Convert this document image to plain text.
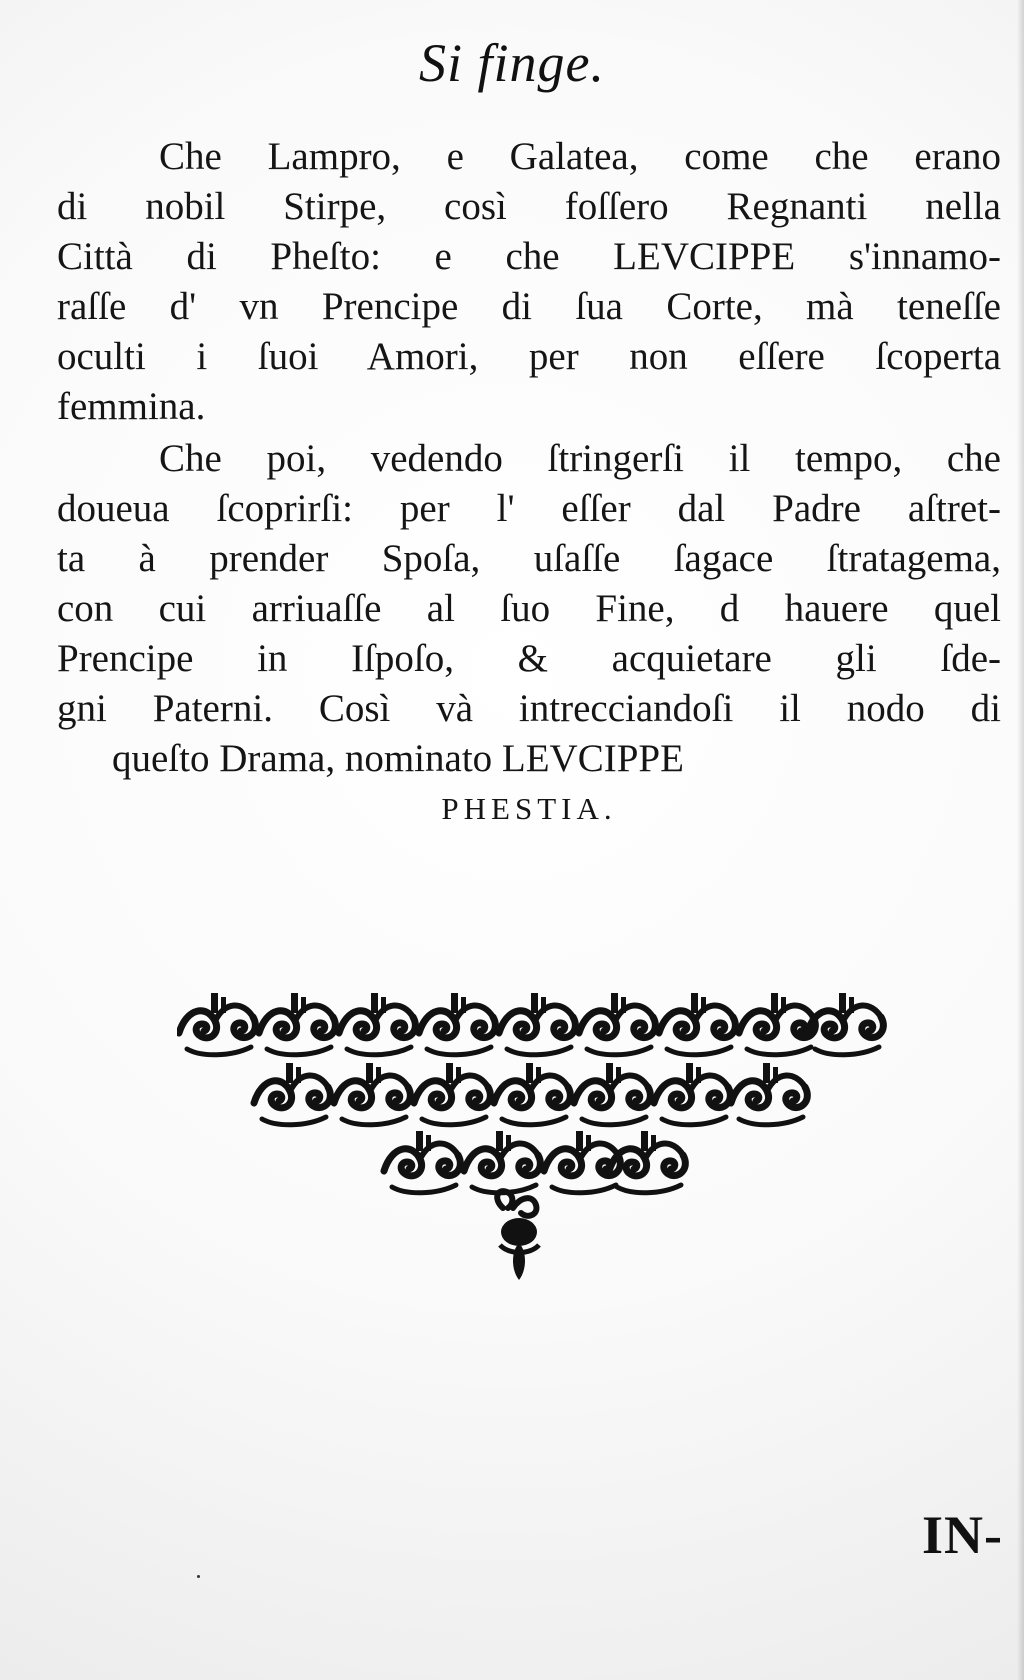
Si finge.

Che Lampro, e Galatea, come che erano
di nobil Stirpe, così foſſero Regnanti nella
Città di Pheſto: e che LEVCIPPE s'innamo-
raſſe d' vn Prencipe di ſua Corte, mà teneſſe
oculti i ſuoi Amori, per non eſſere ſcoperta
femmina.

Che poi, vedendo ſtringerſi il tempo, che
doueua ſcoprirſi: per l' eſſer dal Padre aſtret-
ta à prender Spoſa, uſaſſe ſagace ſtratagema,
con cui arriuaſſe al ſuo Fine, d hauere quel
Prencipe in Iſpoſo, & acquietare gli ſde-
gni Paterni. Così và intrecciandoſi il nodo di
queſto Drama, nominato LEVCIPPE
PHESTIA.

IN-
